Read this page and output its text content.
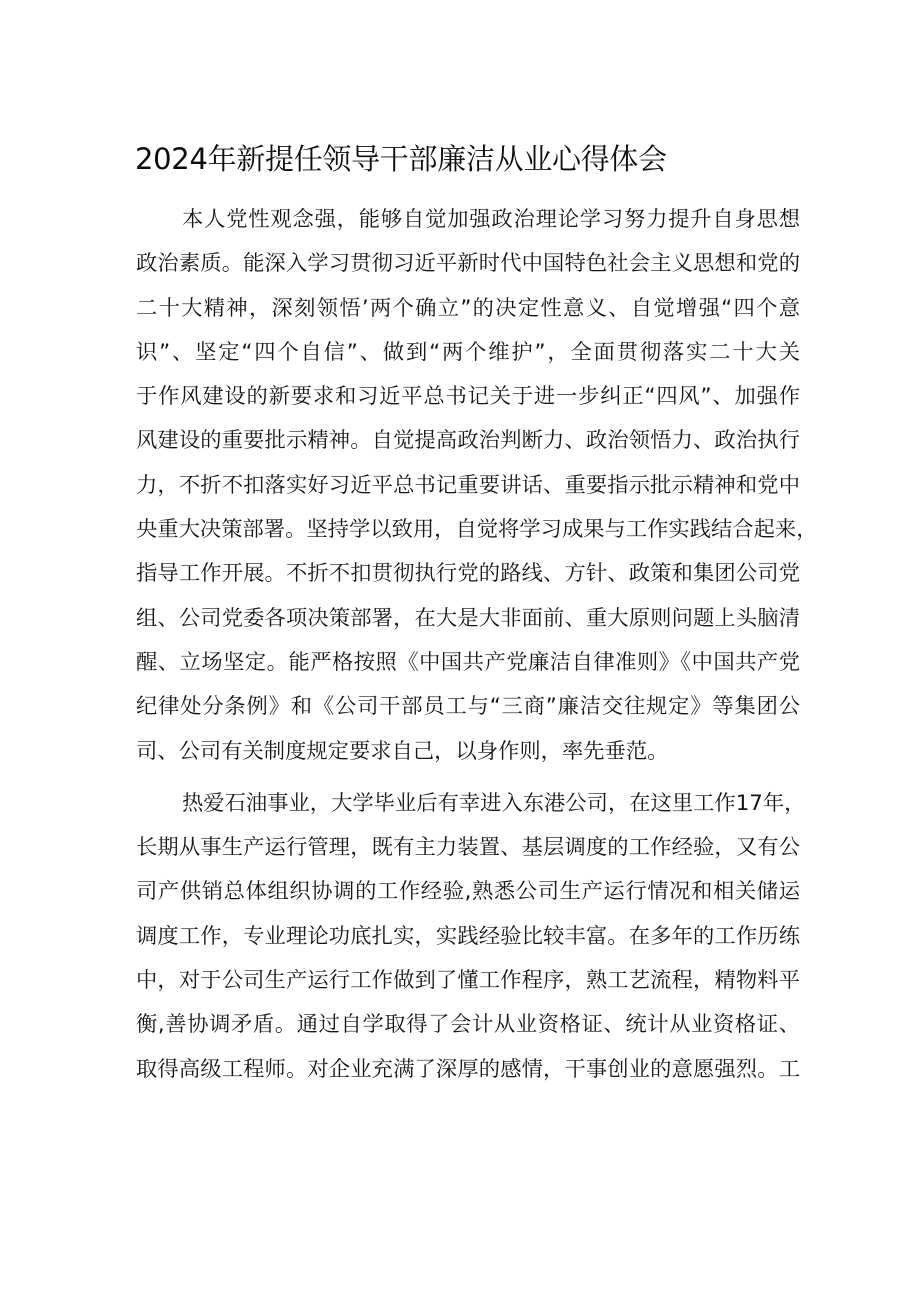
2024年新提任领导干部廉洁从业心得体会
本人党性观念强，能够自觉加强政治理论学习努力提升自身思想
政治素质。能深入学习贯彻习近平新时代中国特色社会主义思想和党的
二十大精神，深刻领悟’两个确立”的决定性意义、自觉增强“四个意
识”、坚定“四个自信”、做到“两个维护”，全面贯彻落实二十大关
于作风建设的新要求和习近平总书记关于进一步纠正“四风”、加强作
风建设的重要批示精神。自觉提高政治判断力、政治领悟力、政治执行
力，不折不扣落实好习近平总书记重要讲话、重要指示批示精神和党中
央重大决策部署。坚持学以致用，自觉将学习成果与工作实践结合起来，
指导工作开展。不折不扣贯彻执行党的路线、方针、政策和集团公司党
组、公司党委各项决策部署，在大是大非面前、重大原则问题上头脑清
醒、立场坚定。能严格按照《中国共产党廉洁自律准则》《中国共产党
纪律处分条例》和《公司干部员工与“三商”廉洁交往规定》等集团公
司、公司有关制度规定要求自己，以身作则，率先垂范。
热爱石油事业，大学毕业后有幸进入东港公司，在这里工作17年，
长期从事生产运行管理，既有主力装置、基层调度的工作经验，又有公
司产供销总体组织协调的工作经验,熟悉公司生产运行情况和相关储运
调度工作，专业理论功底扎实，实践经验比较丰富。在多年的工作历练
中，对于公司生产运行工作做到了懂工作程序，熟工艺流程，精物料平
衡,善协调矛盾。通过自学取得了会计从业资格证、统计从业资格证、
取得高级工程师。对企业充满了深厚的感情，干事创业的意愿强烈。工
